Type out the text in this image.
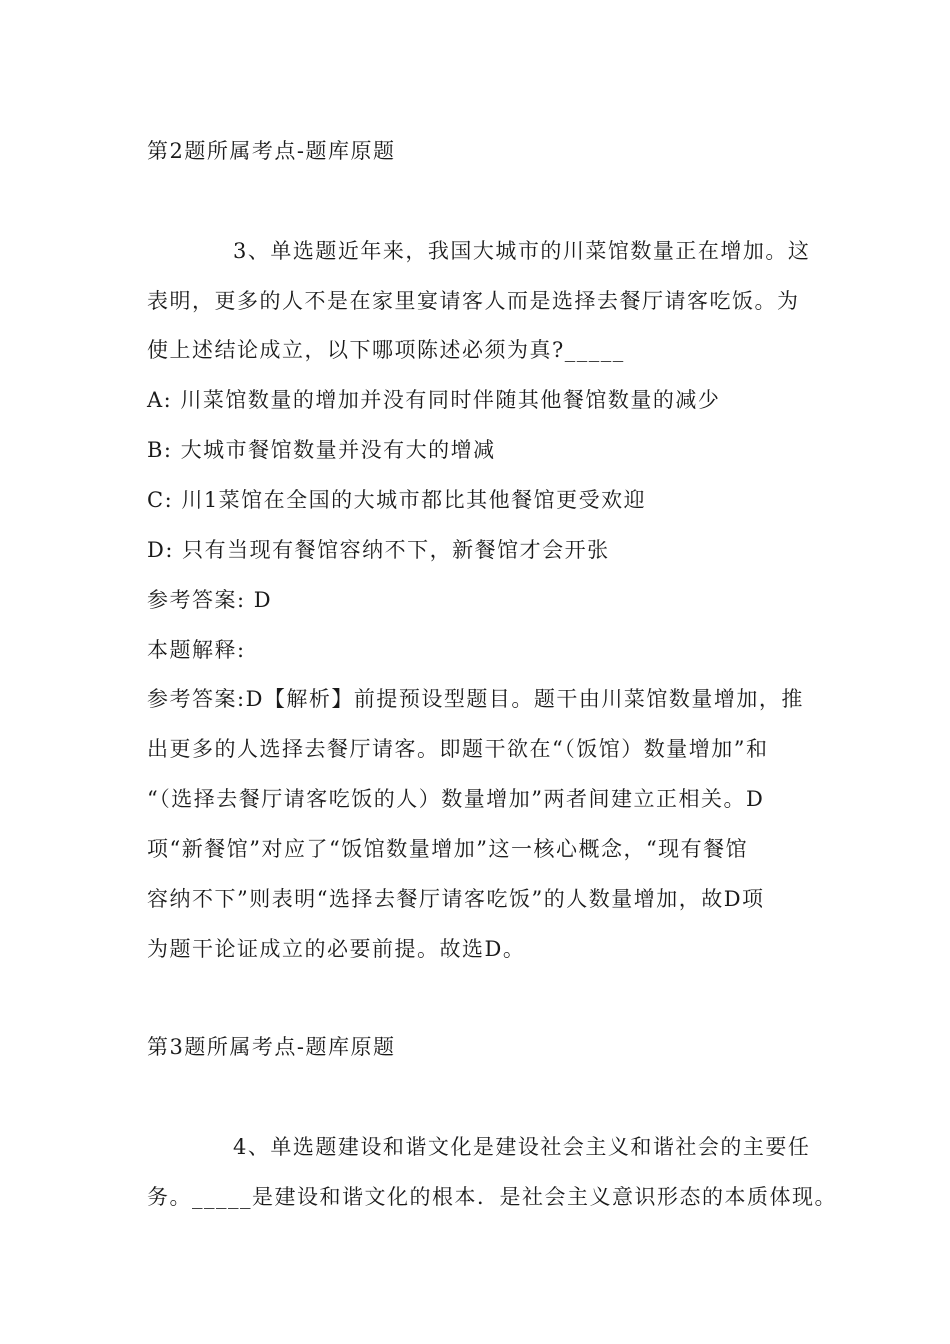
第2题所属考点-题库原题
3、单选题近年来，我国大城市的川菜馆数量正在增加。这
表明，更多的人不是在家里宴请客人而是选择去餐厅请客吃饭。为
使上述结论成立，以下哪项陈述必须为真?_____
A: 川菜馆数量的增加并没有同时伴随其他餐馆数量的减少
B: 大城市餐馆数量并没有大的增减
C: 川1菜馆在全国的大城市都比其他餐馆更受欢迎
D: 只有当现有餐馆容纳不下，新餐馆才会开张
参考答案: D
本题解释:
参考答案:D【解析】前提预设型题目。题干由川菜馆数量增加，推
出更多的人选择去餐厅请客。即题干欲在“（饭馆）数量增加”和
“（选择去餐厅请客吃饭的人）数量增加”两者间建立正相关。D
项“新餐馆”对应了“饭馆数量增加”这一核心概念，“现有餐馆
容纳不下”则表明“选择去餐厅请客吃饭”的人数量增加，故D项
为题干论证成立的必要前提。故选D。
第3题所属考点-题库原题
4、单选题建设和谐文化是建设社会主义和谐社会的主要任
务。_____是建设和谐文化的根本．是社会主义意识形态的本质体现。
